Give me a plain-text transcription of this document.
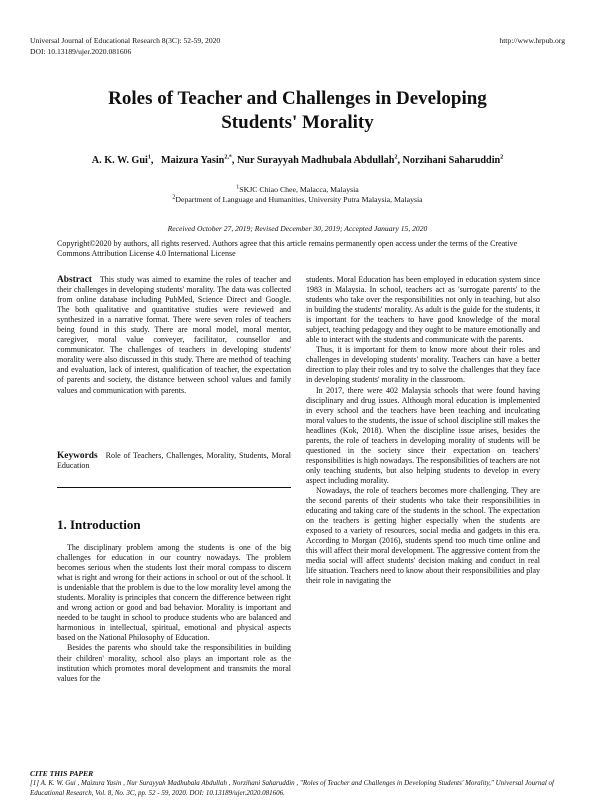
Universal Journal of Educational Research 8(3C): 52-59, 2020	http://www.hrpub.org
DOI: 10.13189/ujer.2020.081606
Roles of Teacher and Challenges in Developing
Students' Morality
A. K. W. Gui$^1$,   Maizura Yasin$^{2,*}$, Nur Surayyah Madhubala Abdullah$^2$, Norzihani Saharuddin$^2$
$^1$SKJC Chiao Chee, Malacca, Malaysia
$^2$Department of Language and Humanities, University Putra Malaysia, Malaysia
Received October 27, 2019; Revised December 30, 2019; Accepted January 15, 2020
Copyright©2020 by authors, all rights reserved. Authors agree that this article remains permanently open access under the terms of the Creative Commons Attribution License 4.0 International License

Abstract This study was aimed to examine the roles of teacher and their challenges in developing students' morality. The data was collected from online database including PubMed, Science Direct and Google. The both qualitative and quantitative studies were reviewed and synthesized in a narrative format. There were seven roles of teachers being found in this study. There are moral model, moral mentor, caregiver, moral value conveyer, facilitator, counsellor and communicator. The challenges of teachers in developing students' morality were also discussed in this study. There are method of teaching and evaluation, lack of interest, qualification of teacher, the expectation of parents and society, the distance between school values and family values and communication with parents.

Keywords Role of Teachers, Challenges, Morality, Students, Moral Education

1. Introduction

The disciplinary problem among the students is one of the big challenges for education in our country nowadays. The problem becomes serious when the students lost their moral compass to discern what is right and wrong for their actions in school or out of the school. It is undeniable that the problem is due to the low morality level among the students. Morality is principles that concern the difference between right and wrong action or good and bad behavior. Morality is important and needed to be taught in school to produce students who are balanced and harmonious in intellectual, spiritual, emotional and physical aspects based on the National Philosophy of Education.

Besides the parents who should take the responsibilities in building their children' morality, school also plays an important role as the institution which promotes moral development and transmits the moral values for the

students. Moral Education has been employed in education system since 1983 in Malaysia. In school, teachers act as 'surrogate parents' to the students who take over the responsibilities not only in teaching, but also in building the students' morality. As adult is the guide for the students, it is important for the teachers to have good knowledge of the moral subject, teaching pedagogy and they ought to be mature emotionally and able to interact with the students and communicate with the parents.

Thus, it is important for them to know more about their roles and challenges in developing students' morality. Teachers can have a better direction to play their roles and try to solve the challenges that they face in developing students' morality in the classroom.

In 2017, there were 402 Malaysia schools that were found having disciplinary and drug issues. Although moral education is implemented in every school and the teachers have been teaching and inculcating moral values to the students, the issue of school discipline still makes the headlines (Kok, 2018). When the discipline issue arises, besides the parents, the role of teachers in developing morality of students will be questioned in the society since their expectation on teachers' responsibilities is high nowadays. The responsibilities of teachers are not only teaching students, but also helping students to develop in every aspect including morality.

Nowadays, the role of teachers becomes more challenging. They are the second parents of their students who take their responsibilities in educating and taking care of the students in the school. The expectation on the teachers is getting higher especially when the students are exposed to a variety of resources, social media and gadgets in this era. According to Morgan (2016), students spend too much time online and this will affect their moral development. The aggressive content from the media social will affect students' decision making and conduct in real life situation. Teachers need to know about their responsibilities and play their role in navigating the

CITE THIS PAPER
[1] A. K. W. Gui , Maizura Yasin , Nur Surayyah Madhubala Abdullah , Norzihani Saharuddin , "Roles of Teacher and Challenges in Developing Students' Morality," Universal Journal of Educational Research, Vol. 8, No. 3C, pp. 52 - 59, 2020. DOI: 10.13189/ujer.2020.081606.
